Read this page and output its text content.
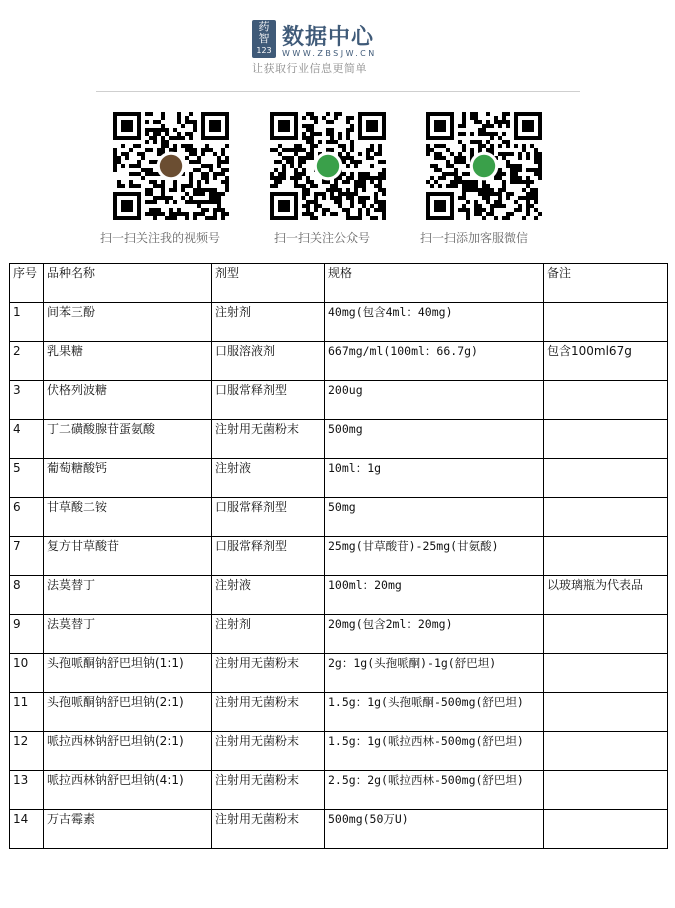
药
智
123
数据中心
WWW.ZBSJW.CN
让获取行业信息更简单
扫一扫关注我的视频号	扫一扫关注公众号	扫一扫添加客服微信
序号	品种名称	剂型	规格	备注
1	间苯三酚	注射剂	40mg(包含4ml：40mg)	
2	乳果糖	口服溶液剂	667mg/ml(100ml：66.7g)	包含100ml67g
3	伏格列波糖	口服常释剂型	200ug	
4	丁二磺酸腺苷蛋氨酸	注射用无菌粉末	500mg	
5	葡萄糖酸钙	注射液	10ml：1g	
6	甘草酸二铵	口服常释剂型	50mg	
7	复方甘草酸苷	口服常释剂型	25mg(甘草酸苷)-25mg(甘氨酸)	
8	法莫替丁	注射液	100ml：20mg	以玻璃瓶为代表品
9	法莫替丁	注射剂	20mg(包含2ml：20mg)	
10	头孢哌酮钠舒巴坦钠(1:1)	注射用无菌粉末	2g：1g(头孢哌酮)-1g(舒巴坦)	
11	头孢哌酮钠舒巴坦钠(2:1)	注射用无菌粉末	1.5g：1g(头孢哌酮-500mg(舒巴坦)	
12	哌拉西林钠舒巴坦钠(2:1)	注射用无菌粉末	1.5g：1g(哌拉西林-500mg(舒巴坦)	
13	哌拉西林钠舒巴坦钠(4:1)	注射用无菌粉末	2.5g：2g(哌拉西林-500mg(舒巴坦)	
14	万古霉素	注射用无菌粉末	500mg(50万U)	
